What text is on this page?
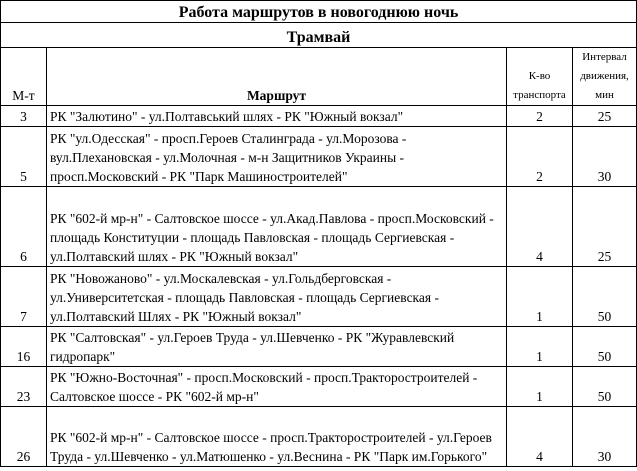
Работа маршрутов в новогоднюю ночь			
Трамвай			
М-т	Маршрут	К-во транспорта	Интервал движения, мин
3	РК "Залютино" - ул.Полтавський шлях - РК "Южный вокзал"	2	25
5	РК "ул.Одесская" - просп.Героев Сталинграда - ул.Морозова - вул.Плехановская - ул.Молочная - м-н Защитников Украины - просп.Московский - РК "Парк Машиностроителей"	2	30
6	РК "602-й мр-н" - Салтовское шоссе - ул.Акад.Павлова - просп.Московский - площадь Конституции - площадь Павловская - площадь Сергиевская - ул.Полтавский шлях - РК "Южный вокзал"	4	25
7	РК "Новожаново" - ул.Москалевская - ул.Гольдберговская - ул.Университетская - площадь Павловская - площадь Сергиевская - ул.Полтавский Шлях - РК "Южный вокзал"	1	50
16	РК "Салтовская" - ул.Героев Труда - ул.Шевченко - РК "Журавлевский гидропарк"	1	50
23	РК "Южно-Восточная" - просп.Московский - просп.Тракторостроителей - Салтовское шоссе - РК "602-й мр-н"	1	50
26	РК "602-й мр-н" - Салтовское шоссе - просп.Тракторостроителей - ул.Героев Труда - ул.Шевченко - ул.Матюшенко - ул.Веснина - РК "Парк им.Горького"	4	30
